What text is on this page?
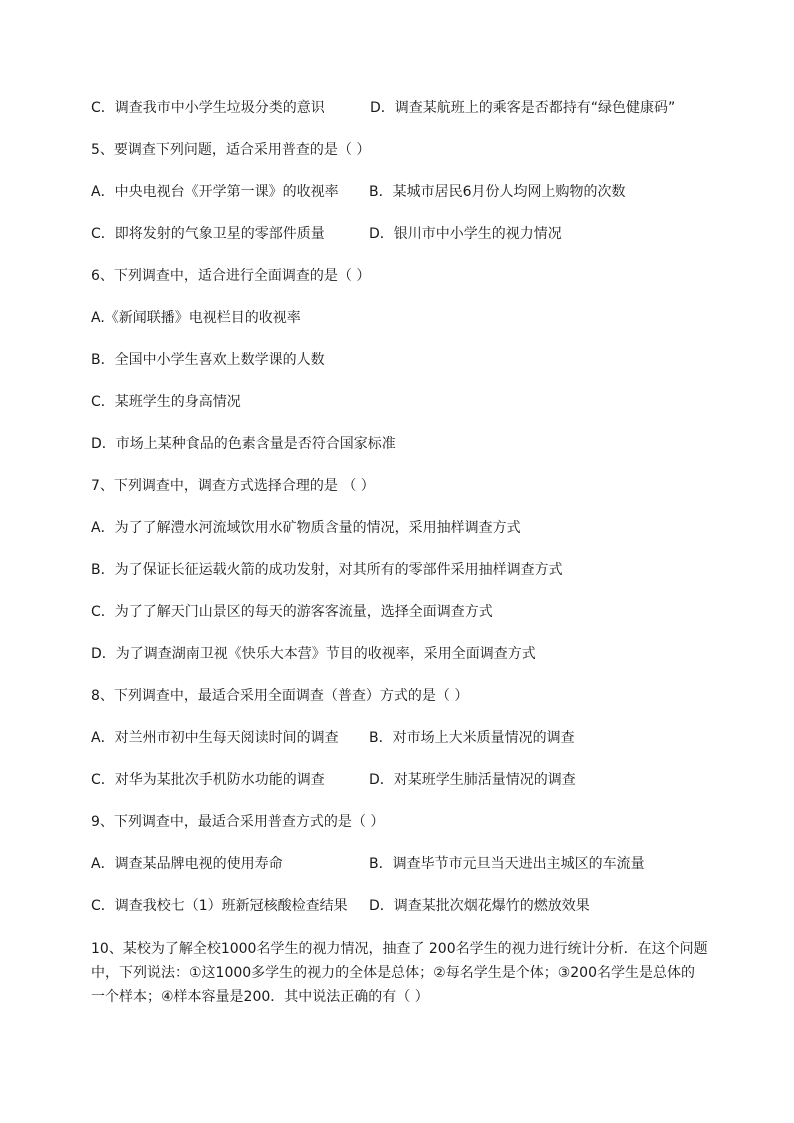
C．调查我市中小学生垃圾分类的意识	D．调查某航班上的乘客是否都持有“绿色健康码”
5、要调查下列问题，适合采用普查的是（ ）
A．中央电视台《开学第一课》的收视率 B．某城市居民6月份人均网上购物的次数
C．即将发射的气象卫星的零部件质量	D．银川市中小学生的视力情况
6、下列调查中，适合进行全面调查的是（ ）
A.《新闻联播》电视栏目的收视率
B．全国中小学生喜欢上数学课的人数
C．某班学生的身高情况
D．市场上某种食品的色素含量是否符合国家标准
7、下列调查中，调查方式选择合理的是 （ ）
A．为了了解澧水河流域饮用水矿物质含量的情况，采用抽样调查方式
B．为了保证长征运载火箭的成功发射，对其所有的零部件采用抽样调查方式
C．为了了解天门山景区的每天的游客客流量，选择全面调查方式
D．为了调查湖南卫视《快乐大本营》节目的收视率，采用全面调查方式
8、下列调查中，最适合采用全面调查（普查）方式的是（ ）
A．对兰州市初中生每天阅读时间的调查 B．对市场上大米质量情况的调查
C．对华为某批次手机防水功能的调查	D．对某班学生肺活量情况的调查
9、下列调查中，最适合采用普查方式的是（ ）
A．调查某品牌电视的使用寿命	B．调查毕节市元旦当天进出主城区的车流量
C．调查我校七（1）班新冠核酸检查结果 D．调查某批次烟花爆竹的燃放效果
10、某校为了解全校1000名学生的视力情况，抽查了 200名学生的视力进行统计分析．在这个问题
中，下列说法：①这1000多学生的视力的全体是总体；②每名学生是个体；③200名学生是总体的
一个样本；④样本容量是200．其中说法正确的有（ ）
